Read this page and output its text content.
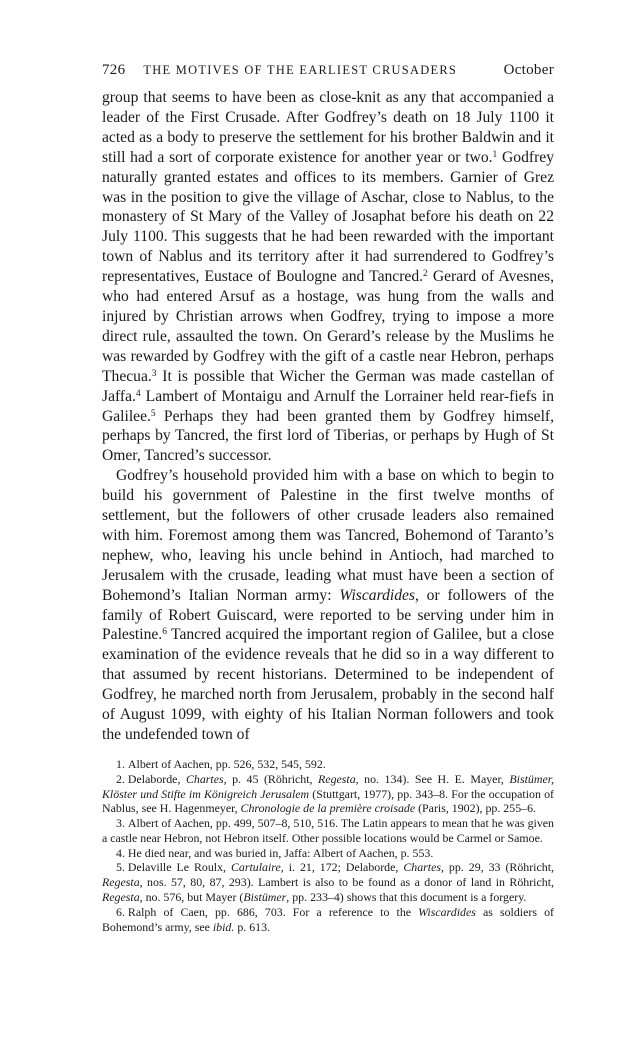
726 THE MOTIVES OF THE EARLIEST CRUSADERS	October

group that seems to have been as close-knit as any that accompanied a leader of the First Crusade. After Godfrey’s death on 18 July 1100 it acted as a body to preserve the settlement for his brother Baldwin and it still had a sort of corporate existence for another year or two.$^1$ Godfrey naturally granted estates and offices to its members. Garnier of Grez was in the position to give the village of Aschar, close to Nablus, to the monastery of St Mary of the Valley of Josaphat before his death on 22 July 1100. This suggests that he had been rewarded with the important town of Nablus and its territory after it had surrendered to Godfrey’s representatives, Eustace of Boulogne and Tancred.$^2$ Gerard of Avesnes, who had entered Arsuf as a hostage, was hung from the walls and injured by Christian arrows when Godfrey, trying to impose a more direct rule, assaulted the town. On Gerard’s release by the Muslims he was rewarded by Godfrey with the gift of a castle near Hebron, perhaps Thecua.$^3$ It is possible that Wicher the German was made castellan of Jaffa.$^4$ Lambert of Montaigu and Arnulf the Lorrainer held rear-fiefs in Galilee.$^5$ Perhaps they had been granted them by Godfrey himself, perhaps by Tancred, the first lord of Tiberias, or perhaps by Hugh of St Omer, Tancred’s successor.

Godfrey’s household provided him with a base on which to begin to build his government of Palestine in the first twelve months of settlement, but the followers of other crusade leaders also remained with him. Foremost among them was Tancred, Bohemond of Taranto’s nephew, who, leaving his uncle behind in Antioch, had marched to Jerusalem with the crusade, leading what must have been a section of Bohemond’s Italian Norman army: Wiscardides, or followers of the family of Robert Guiscard, were reported to be serving under him in Palestine.$^6$ Tancred acquired the important region of Galilee, but a close examination of the evidence reveals that he did so in a way different to that assumed by recent historians. Determined to be independent of Godfrey, he marched north from Jerusalem, probably in the second half of August 1099, with eighty of his Italian Norman followers and took the undefended town of

1. Albert of Aachen, pp. 526, 532, 545, 592.

2. Delaborde, Chartes, p. 45 (Röhricht, Regesta, no. 134). See H. E. Mayer, Bistümer, Klöster und Stifte im Königreich Jerusalem (Stuttgart, 1977), pp. 343–8. For the occupation of Nablus, see H. Hagenmeyer, Chronologie de la première croisade (Paris, 1902), pp. 255–6.

3. Albert of Aachen, pp. 499, 507–8, 510, 516. The Latin appears to mean that he was given a castle near Hebron, not Hebron itself. Other possible locations would be Carmel or Samoe.

4. He died near, and was buried in, Jaffa: Albert of Aachen, p. 553.

5. Delaville Le Roulx, Cartulaire, i. 21, 172; Delaborde, Chartes, pp. 29, 33 (Röhricht, Regesta, nos. 57, 80, 87, 293). Lambert is also to be found as a donor of land in Röhricht, Regesta, no. 576, but Mayer (Bistümer, pp. 233–4) shows that this document is a forgery.

6. Ralph of Caen, pp. 686, 703. For a reference to the Wiscardides as soldiers of Bohemond’s army, see ibid. p. 613.
